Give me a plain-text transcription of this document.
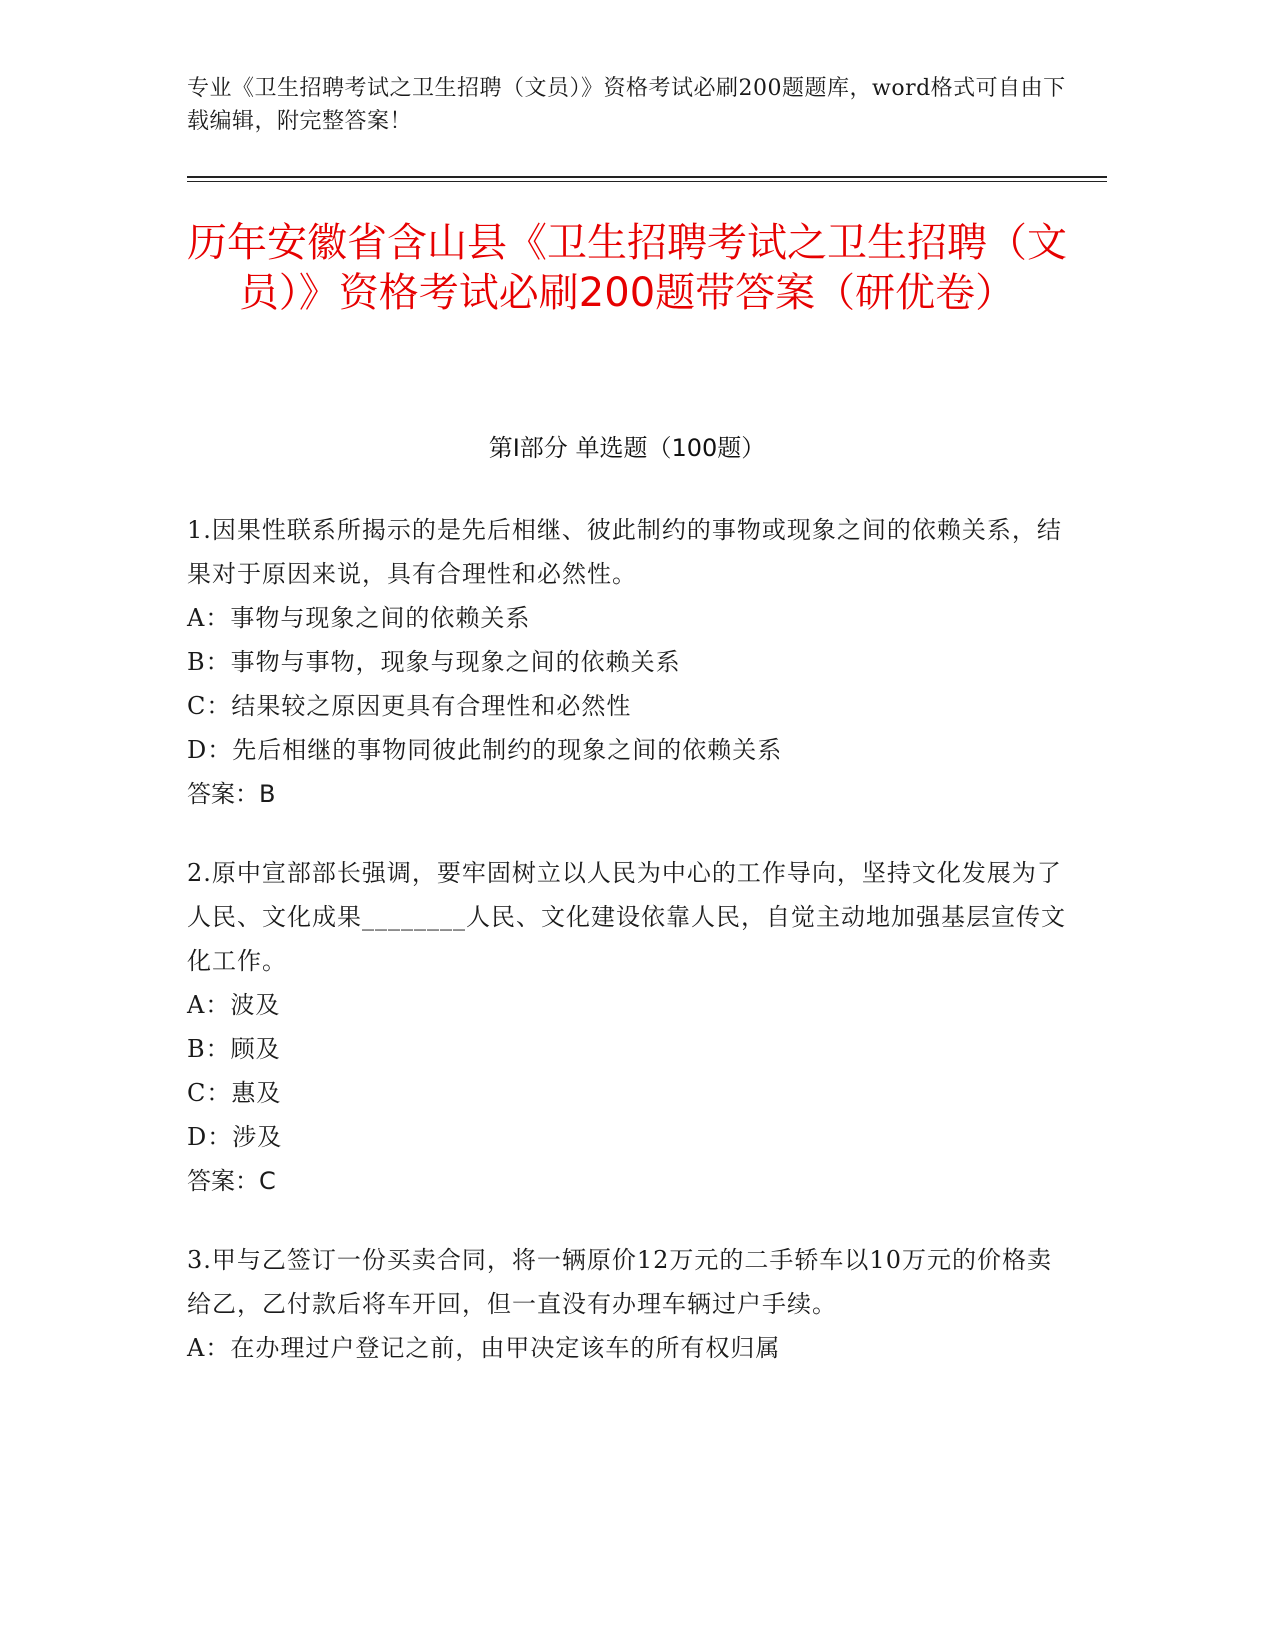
专业《卫生招聘考试之卫生招聘（文员）》资格考试必刷200题题库，word格式可自由下载编辑，附完整答案！
历年安徽省含山县《卫生招聘考试之卫生招聘（文员）》资格考试必刷200题带答案（研优卷）
第Ⅰ部分 单选题（100题）
1.因果性联系所揭示的是先后相继、彼此制约的事物或现象之间的依赖关系，结果对于原因来说，具有合理性和必然性。
A：事物与现象之间的依赖关系
B：事物与事物，现象与现象之间的依赖关系
C：结果较之原因更具有合理性和必然性
D：先后相继的事物同彼此制约的现象之间的依赖关系
答案：B
2.原中宣部部长强调，要牢固树立以人民为中心的工作导向，坚持文化发展为了人民、文化成果________人民、文化建设依靠人民，自觉主动地加强基层宣传文化工作。
A：波及
B：顾及
C：惠及
D：涉及
答案：C
3.甲与乙签订一份买卖合同，将一辆原价12万元的二手轿车以10万元的价格卖给乙，乙付款后将车开回，但一直没有办理车辆过户手续。
A：在办理过户登记之前，由甲决定该车的所有权归属
